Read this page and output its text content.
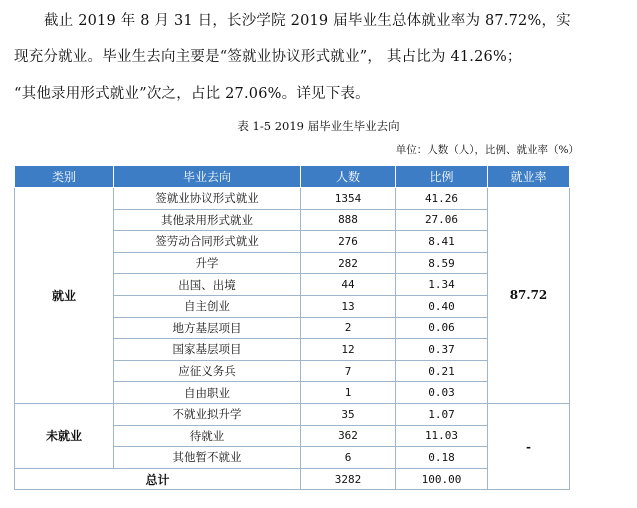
截止 2019 年 8 月 31 日，长沙学院 2019 届毕业生总体就业率为 87.72%，实
现充分就业。毕业生去向主要是“签就业协议形式就业”， 其占比为 41.26%；
“其他录用形式就业”次之，占比 27.06%。详见下表。
表 1-5 2019 届毕业生毕业去向
单位：人数（人），比例、就业率（%）
类别	毕业去向	人数	比例	就业率
就业	签就业协议形式就业	1354	41.26	87.72
	其他录用形式就业	888	27.06	
	签劳动合同形式就业	276	8.41	
	升学	282	8.59	
	出国、出境	44	1.34	
	自主创业	13	0.40	
	地方基层项目	2	0.06	
	国家基层项目	12	0.37	
	应征义务兵	7	0.21	
	自由职业	1	0.03	
未就业	不就业拟升学	35	1.07	-
	待就业	362	11.03	
	其他暂不就业	6	0.18	
总计		3282	100.00	
